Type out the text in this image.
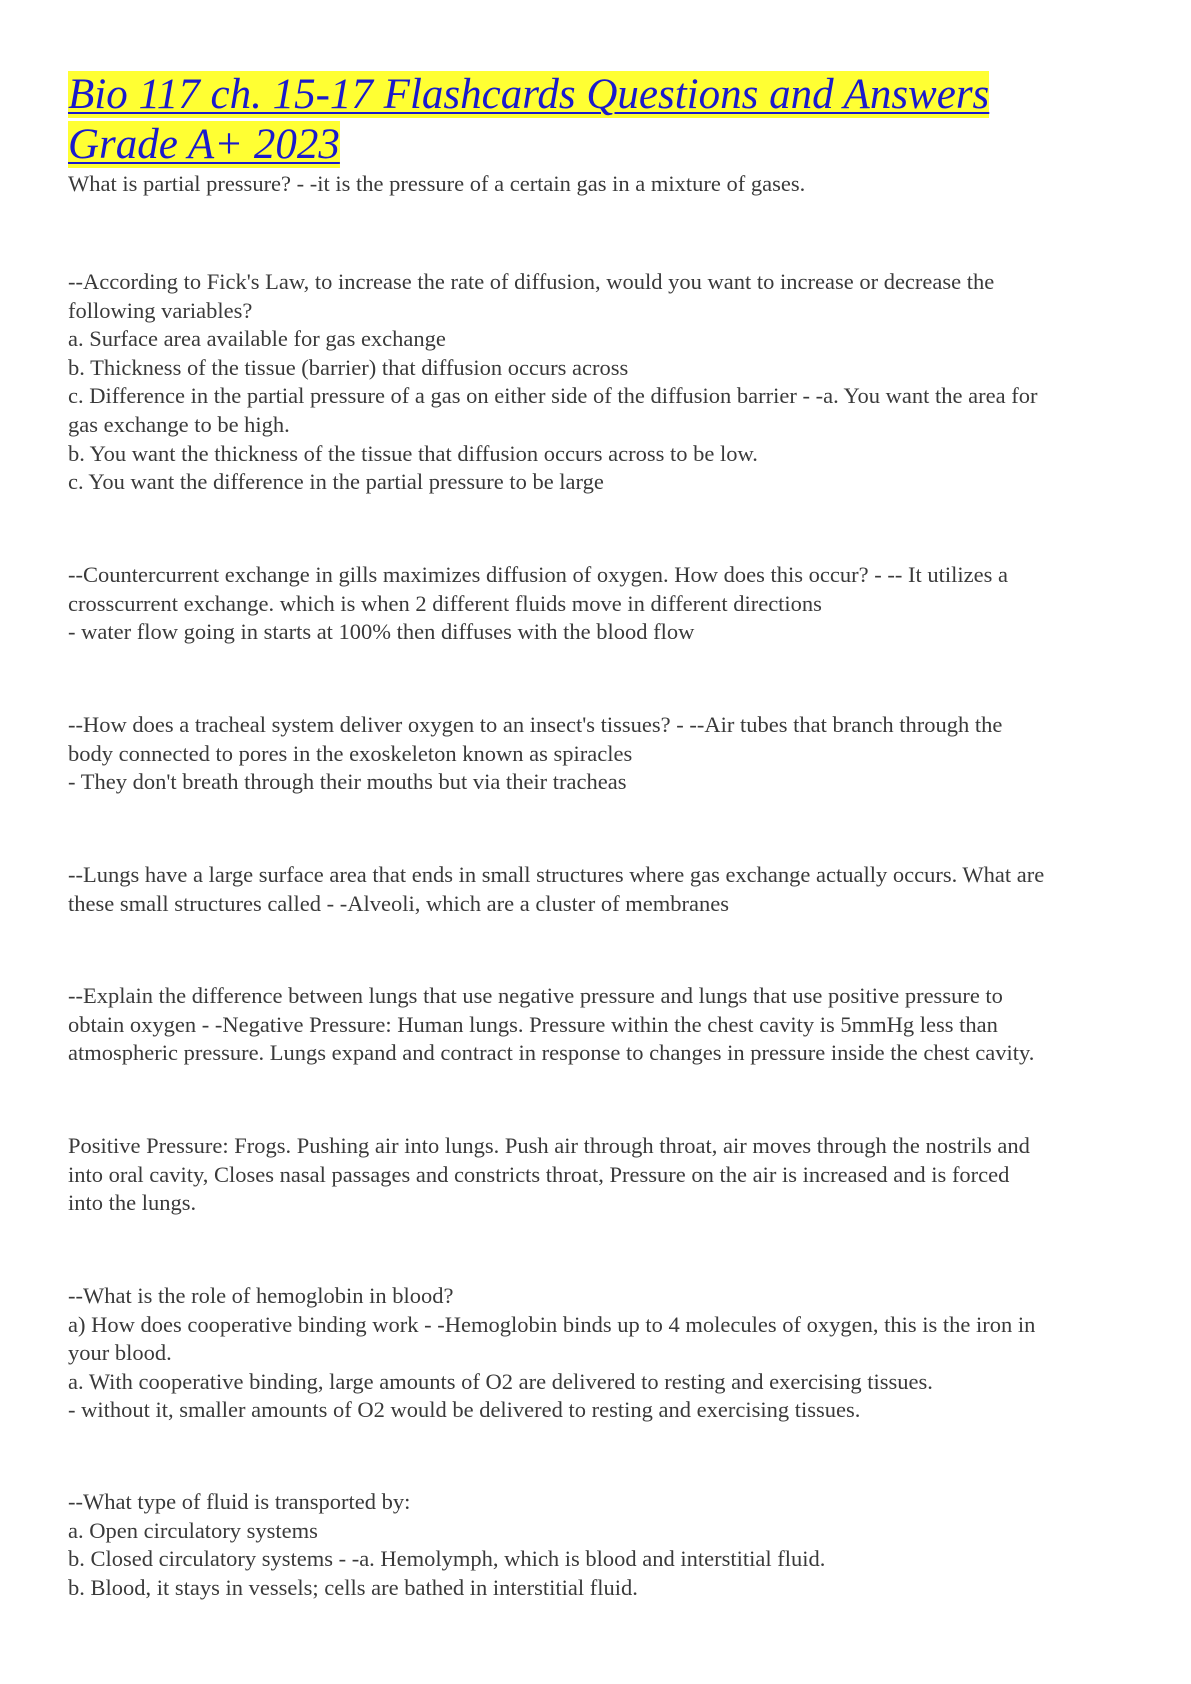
Bio 117 ch. 15-17 Flashcards Questions and Answers
Grade A+ 2023
What is partial pressure? - -it is the pressure of a certain gas in a mixture of gases.
--According to Fick's Law, to increase the rate of diffusion, would you want to increase or decrease the
following variables?
a. Surface area available for gas exchange
b. Thickness of the tissue (barrier) that diffusion occurs across
c. Difference in the partial pressure of a gas on either side of the diffusion barrier - -a. You want the area for
gas exchange to be high.
b. You want the thickness of the tissue that diffusion occurs across to be low.
c. You want the difference in the partial pressure to be large
--Countercurrent exchange in gills maximizes diffusion of oxygen. How does this occur? - -- It utilizes a
crosscurrent exchange. which is when 2 different fluids move in different directions
- water flow going in starts at 100% then diffuses with the blood flow
--How does a tracheal system deliver oxygen to an insect's tissues? - --Air tubes that branch through the
body connected to pores in the exoskeleton known as spiracles
- They don't breath through their mouths but via their tracheas
--Lungs have a large surface area that ends in small structures where gas exchange actually occurs. What are
these small structures called - -Alveoli, which are a cluster of membranes
--Explain the difference between lungs that use negative pressure and lungs that use positive pressure to
obtain oxygen - -Negative Pressure: Human lungs. Pressure within the chest cavity is 5mmHg less than
atmospheric pressure. Lungs expand and contract in response to changes in pressure inside the chest cavity.
Positive Pressure: Frogs. Pushing air into lungs. Push air through throat, air moves through the nostrils and
into oral cavity, Closes nasal passages and constricts throat, Pressure on the air is increased and is forced
into the lungs.
--What is the role of hemoglobin in blood?
a) How does cooperative binding work - -Hemoglobin binds up to 4 molecules of oxygen, this is the iron in
your blood.
a. With cooperative binding, large amounts of O2 are delivered to resting and exercising tissues.
- without it, smaller amounts of O2 would be delivered to resting and exercising tissues.
--What type of fluid is transported by:
a. Open circulatory systems
b. Closed circulatory systems - -a. Hemolymph, which is blood and interstitial fluid.
b. Blood, it stays in vessels; cells are bathed in interstitial fluid.
